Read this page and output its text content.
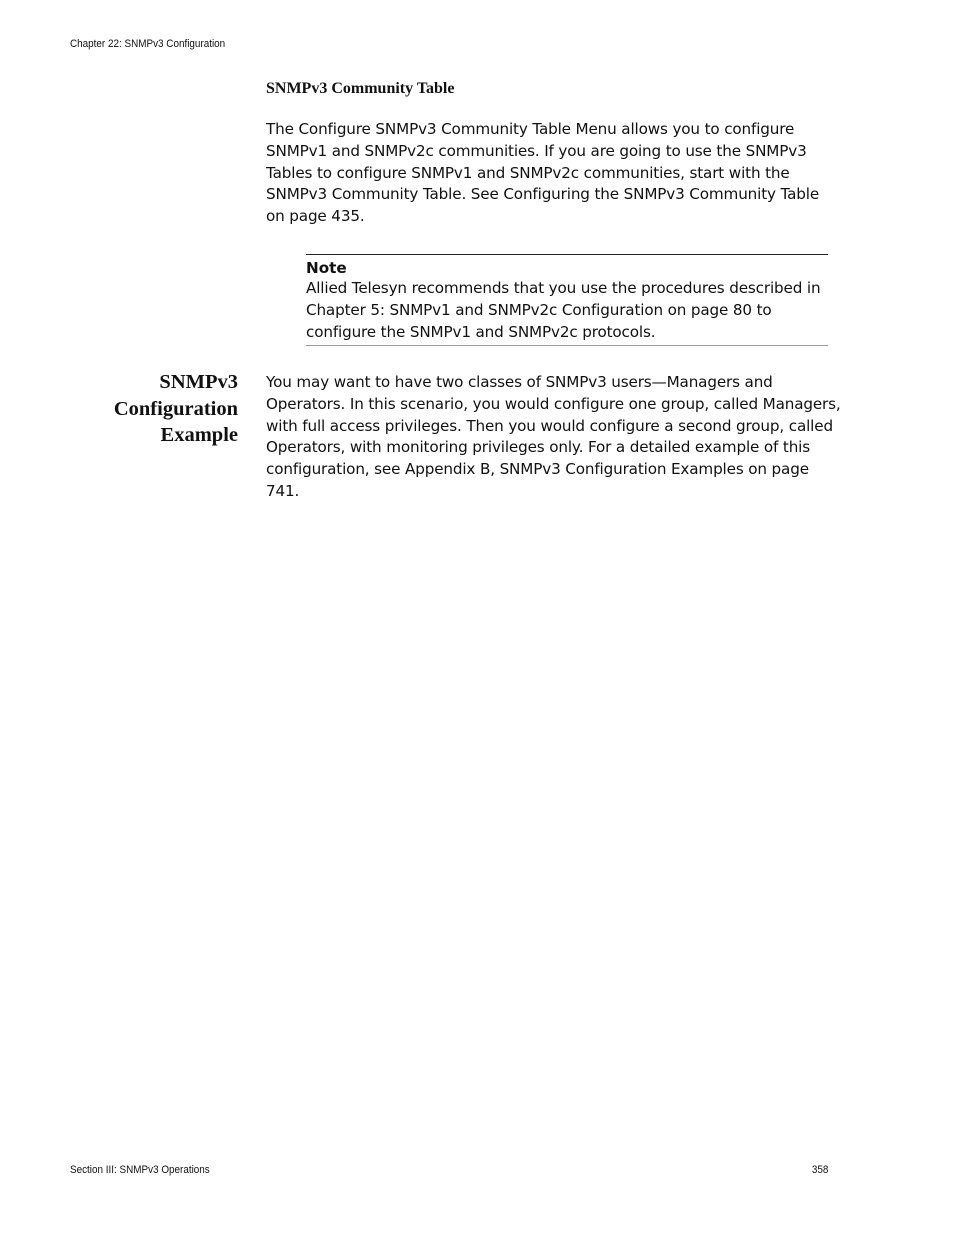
Chapter 22: SNMPv3 Configuration
SNMPv3 Community Table

The Configure SNMPv3 Community Table Menu allows you to configure SNMPv1 and SNMPv2c communities. If you are going to use the SNMPv3 Tables to configure SNMPv1 and SNMPv2c communities, start with the SNMPv3 Community Table. See Configuring the SNMPv3 Community Table on page 435.

Note

Allied Telesyn recommends that you use the procedures described in Chapter 5: SNMPv1 and SNMPv2c Configuration on page 80 to configure the SNMPv1 and SNMPv2c protocols.

SNMPv3
Configuration
Example

You may want to have two classes of SNMPv3 users—Managers and Operators. In this scenario, you would configure one group, called Managers, with full access privileges. Then you would configure a second group, called Operators, with monitoring privileges only. For a detailed example of this configuration, see Appendix B, SNMPv3 Configuration Examples on page 741.

Section III: SNMPv3 Operations	358
